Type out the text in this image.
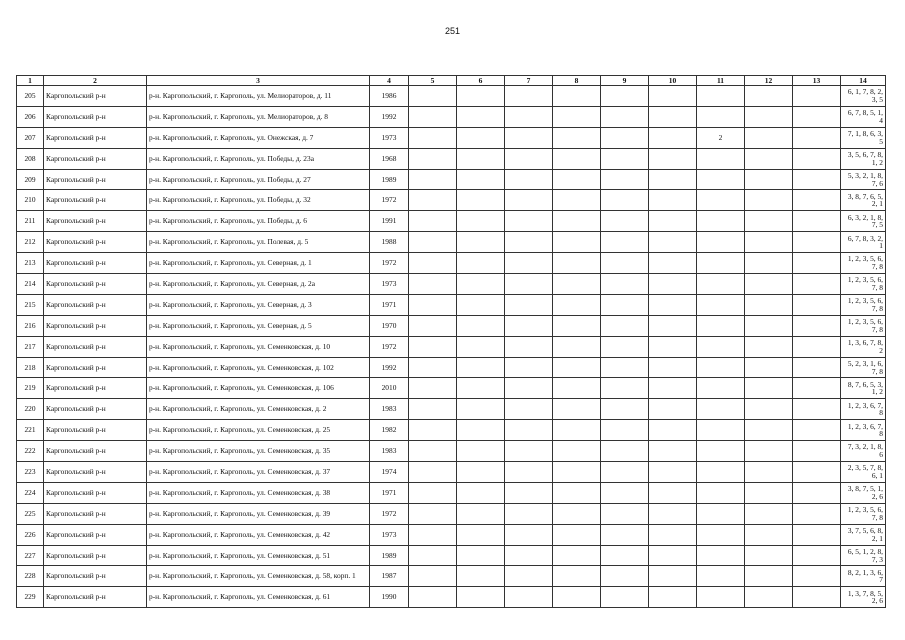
251
1	2	3	4	5	6	7	8	9	10	11	12	13	14
205	Каргопольский р-н	р-н. Каргопольский, г. Каргополь, ул. Мелиораторов, д. 11	1986										6, 1, 7, 8, 2, 3, 5
206	Каргопольский р-н	р-н. Каргопольский, г. Каргополь, ул. Мелиораторов, д. 8	1992										6, 7, 8, 5, 1, 4
207	Каргопольский р-н	р-н. Каргопольский, г. Каргополь, ул. Онежская, д. 7	1973							2			7, 1, 8, 6, 3, 5
208	Каргопольский р-н	р-н. Каргопольский, г. Каргополь, ул. Победы, д. 23а	1968										3, 5, 6, 7, 8, 1, 2
209	Каргопольский р-н	р-н. Каргопольский, г. Каргополь, ул. Победы, д. 27	1989										5, 3, 2, 1, 8, 7, 6
210	Каргопольский р-н	р-н. Каргопольский, г. Каргополь, ул. Победы, д. 32	1972										3, 8, 7, 6, 5, 2, 1
211	Каргопольский р-н	р-н. Каргопольский, г. Каргополь, ул. Победы, д. 6	1991										6, 3, 2, 1, 8, 7, 5
212	Каргопольский р-н	р-н. Каргопольский, г. Каргополь, ул. Полевая, д. 5	1988										6, 7, 8, 3, 2, 1
213	Каргопольский р-н	р-н. Каргопольский, г. Каргополь, ул. Северная, д. 1	1972										1, 2, 3, 5, 6, 7, 8
214	Каргопольский р-н	р-н. Каргопольский, г. Каргополь, ул. Северная, д. 2а	1973										1, 2, 3, 5, 6, 7, 8
215	Каргопольский р-н	р-н. Каргопольский, г. Каргополь, ул. Северная, д. 3	1971										1, 2, 3, 5, 6, 7, 8
216	Каргопольский р-н	р-н. Каргопольский, г. Каргополь, ул. Северная, д. 5	1970										1, 2, 3, 5, 6, 7, 8
217	Каргопольский р-н	р-н. Каргопольский, г. Каргополь, ул. Семенковская, д. 10	1972										1, 3, 6, 7, 8, 2
218	Каргопольский р-н	р-н. Каргопольский, г. Каргополь, ул. Семенковская, д. 102	1992										5, 2, 3, 1, 6, 7, 8
219	Каргопольский р-н	р-н. Каргопольский, г. Каргополь, ул. Семенковская, д. 106	2010										8, 7, 6, 5, 3, 1, 2
220	Каргопольский р-н	р-н. Каргопольский, г. Каргополь, ул. Семенковская, д. 2	1983										1, 2, 3, 6, 7, 8
221	Каргопольский р-н	р-н. Каргопольский, г. Каргополь, ул. Семенковская, д. 25	1982										1, 2, 3, 6, 7, 8
222	Каргопольский р-н	р-н. Каргопольский, г. Каргополь, ул. Семенковская, д. 35	1983										7, 3, 2, 1, 8, 6
223	Каргопольский р-н	р-н. Каргопольский, г. Каргополь, ул. Семенковская, д. 37	1974										2, 3, 5, 7, 8, 6, 1
224	Каргопольский р-н	р-н. Каргопольский, г. Каргополь, ул. Семенковская, д. 38	1971										3, 8, 7, 5, 1, 2, 6
225	Каргопольский р-н	р-н. Каргопольский, г. Каргополь, ул. Семенковская, д. 39	1972										1, 2, 3, 5, 6, 7, 8
226	Каргопольский р-н	р-н. Каргопольский, г. Каргополь, ул. Семенковская, д. 42	1973										3, 7, 5, 6, 8, 2, 1
227	Каргопольский р-н	р-н. Каргопольский, г. Каргополь, ул. Семенковская, д. 51	1989										6, 5, 1, 2, 8, 7, 3
228	Каргопольский р-н	р-н. Каргопольский, г. Каргополь, ул. Семенковская, д. 58, корп. 1	1987										8, 2, 1, 3, 6, 7
229	Каргопольский р-н	р-н. Каргопольский, г. Каргополь, ул. Семенковская, д. 61	1990										1, 3, 7, 8, 5, 2, 6
